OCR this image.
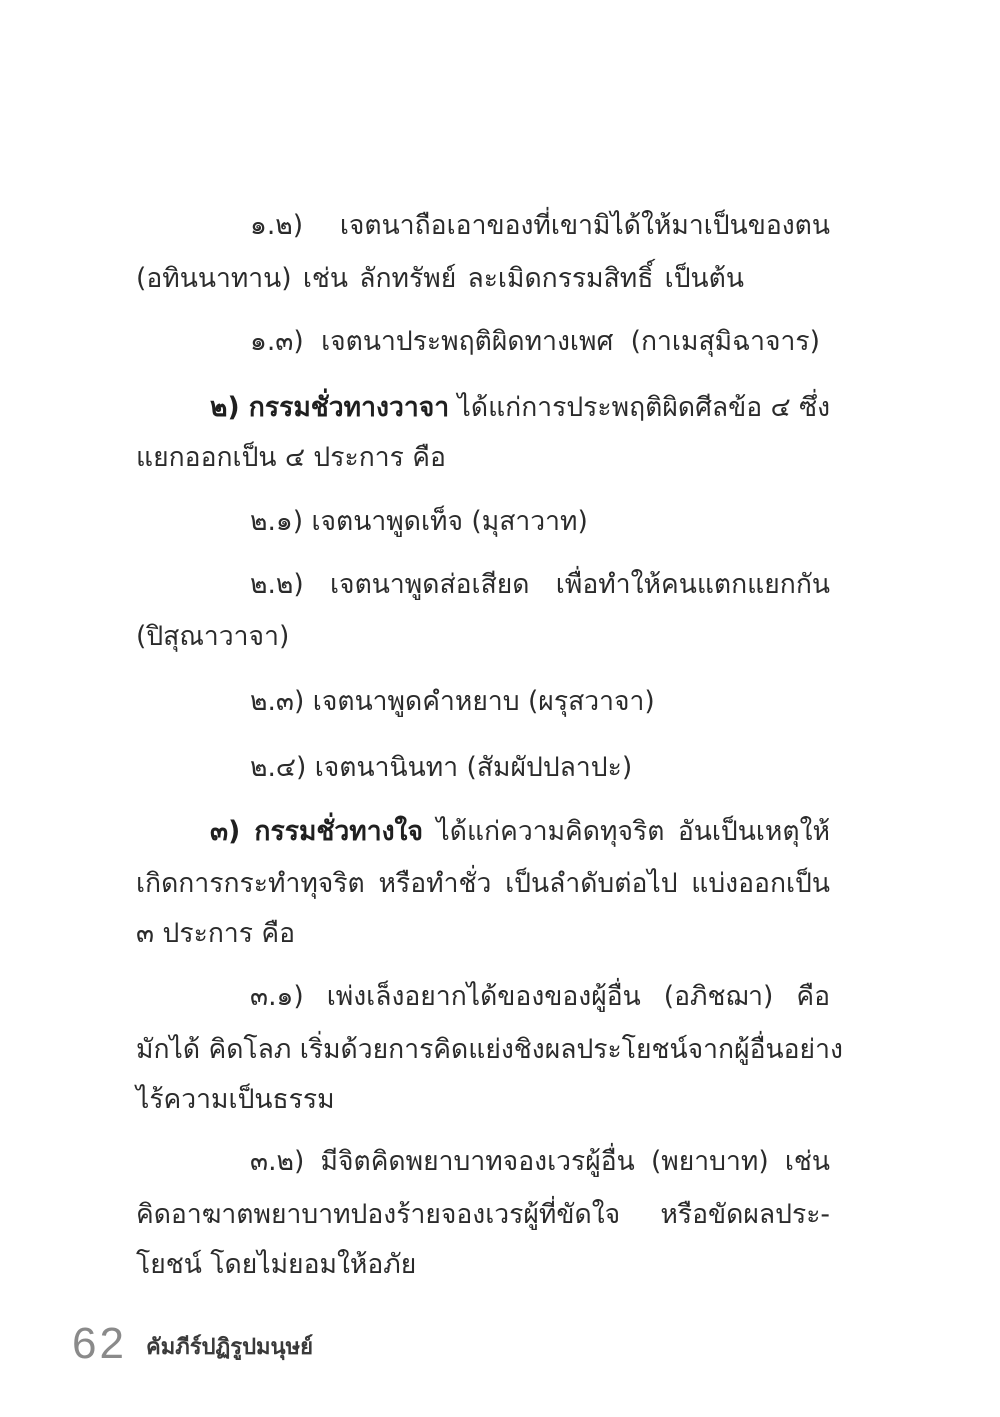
๑.๒) เจตนาถือเอาของที่เขามิได้ให้มาเป็นของตน
(อทินนาทาน) เช่น ลักทรัพย์ ละเมิดกรรมสิทธิ์ เป็นต้น
๑.๓) เจตนาประพฤติผิดทางเพศ (กาเมสุมิฉาจาร)
๒) กรรมชั่วทางวาจา ได้แก่การประพฤติผิดศีลข้อ ๔ ซึ่ง
แยกออกเป็น ๔ ประการ คือ
๒.๑) เจตนาพูดเท็จ (มุสาวาท)
๒.๒) เจตนาพูดส่อเสียด เพื่อทำให้คนแตกแยกกัน
(ปิสุณาวาจา)
๒.๓) เจตนาพูดคำหยาบ (ผรุสวาจา)
๒.๔) เจตนานินทา (สัมผัปปลาปะ)
๓) กรรมชั่วทางใจ ได้แก่ความคิดทุจริต อันเป็นเหตุให้
เกิดการกระทำทุจริต หรือทำชั่ว เป็นลำดับต่อไป แบ่งออกเป็น
๓ ประการ คือ
๓.๑) เพ่งเล็งอยากได้ของของผู้อื่น (อภิชฌา) คือ
มักได้ คิดโลภ เริ่มด้วยการคิดแย่งชิงผลประโยชน์จากผู้อื่นอย่าง
ไร้ความเป็นธรรม
๓.๒) มีจิตคิดพยาบาทจองเวรผู้อื่น (พยาบาท) เช่น
คิดอาฆาตพยาบาทปองร้ายจองเวรผู้ที่ขัดใจ หรือขัดผลประ-
โยชน์ โดยไม่ยอมให้อภัย
62 คัมภีร์ปฏิรูปมนุษย์
